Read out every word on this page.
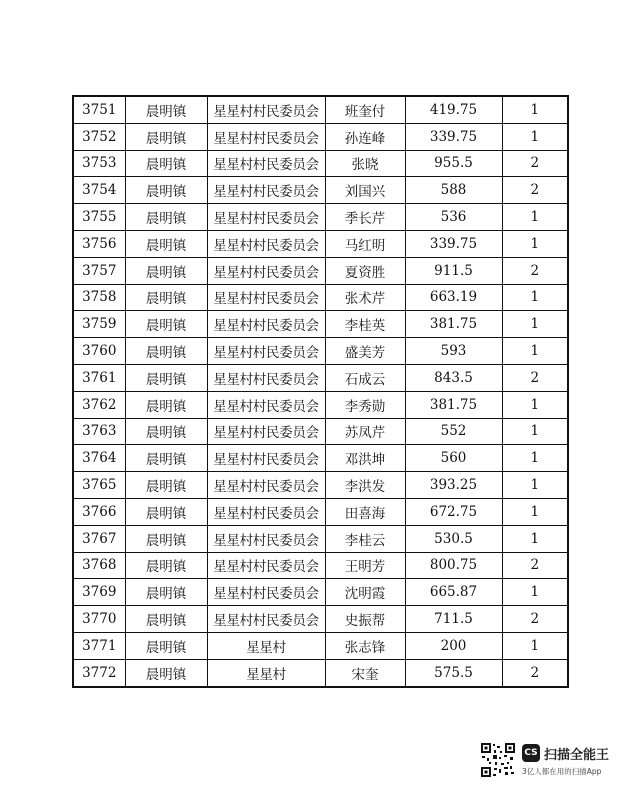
3751	晨明镇	星星村村民委员会	班奎付	419.75	1
3752	晨明镇	星星村村民委员会	孙连峰	339.75	1
3753	晨明镇	星星村村民委员会	张晓	955.5	2
3754	晨明镇	星星村村民委员会	刘国兴	588	2
3755	晨明镇	星星村村民委员会	季长芹	536	1
3756	晨明镇	星星村村民委员会	马红明	339.75	1
3757	晨明镇	星星村村民委员会	夏资胜	911.5	2
3758	晨明镇	星星村村民委员会	张术芹	663.19	1
3759	晨明镇	星星村村民委员会	李桂英	381.75	1
3760	晨明镇	星星村村民委员会	盛美芳	593	1
3761	晨明镇	星星村村民委员会	石成云	843.5	2
3762	晨明镇	星星村村民委员会	李秀勋	381.75	1
3763	晨明镇	星星村村民委员会	苏凤芹	552	1
3764	晨明镇	星星村村民委员会	邓洪坤	560	1
3765	晨明镇	星星村村民委员会	李洪发	393.25	1
3766	晨明镇	星星村村民委员会	田喜海	672.75	1
3767	晨明镇	星星村村民委员会	李桂云	530.5	1
3768	晨明镇	星星村村民委员会	王明芳	800.75	2
3769	晨明镇	星星村村民委员会	沈明霞	665.87	1
3770	晨明镇	星星村村民委员会	史振帮	711.5	2
3771	晨明镇	星星村	张志锋	200	1
3772	晨明镇	星星村	宋奎	575.5	2
CS 扫描全能王
3亿人都在用的扫描App
